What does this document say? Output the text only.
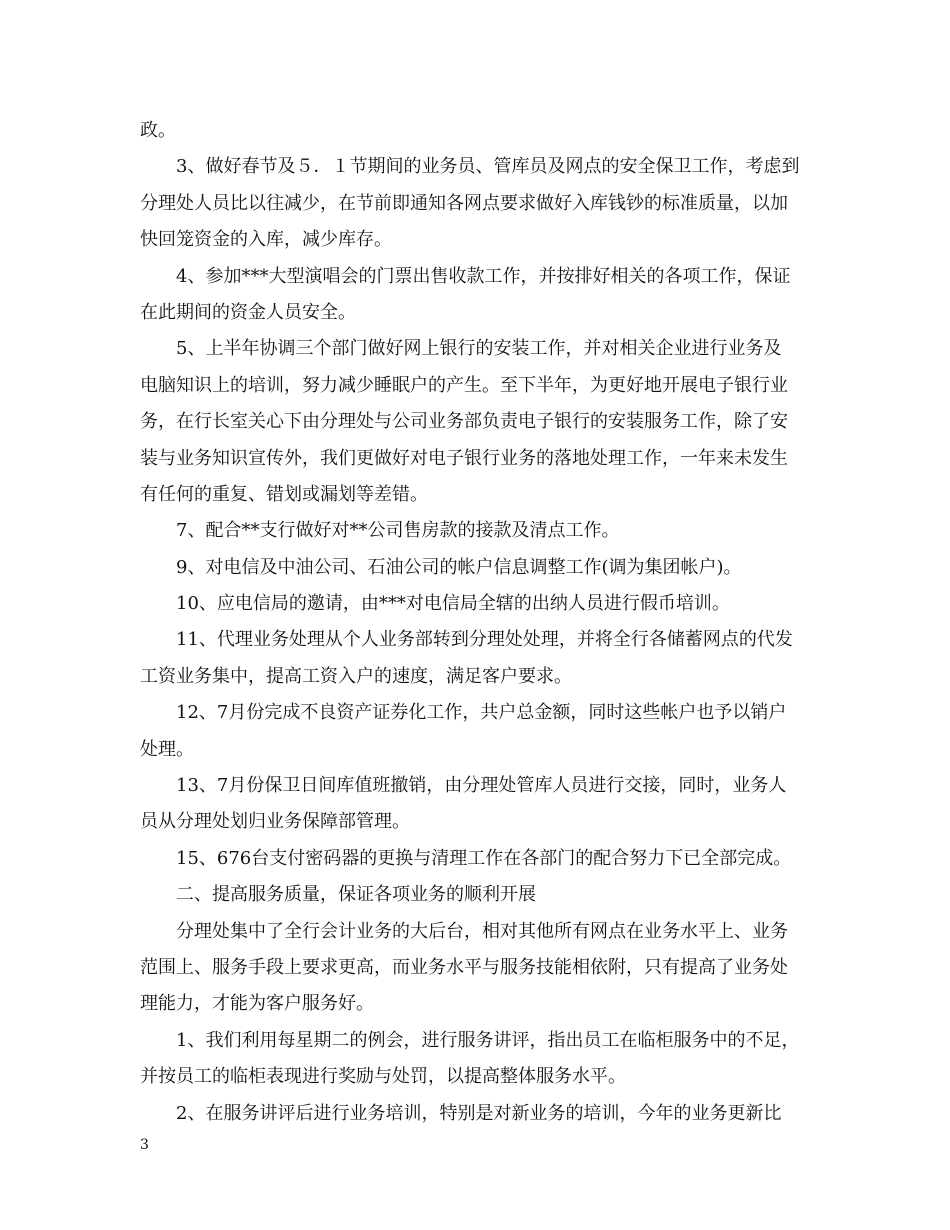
政。
3、做好春节及５．１节期间的业务员、管库员及网点的安全保卫工作，考虑到
分理处人员比以往减少，在节前即通知各网点要求做好入库钱钞的标准质量，以加
快回笼资金的入库，减少库存。
4、参加***大型演唱会的门票出售收款工作，并按排好相关的各项工作，保证
在此期间的资金人员安全。
5、上半年协调三个部门做好网上银行的安装工作，并对相关企业进行业务及
电脑知识上的培训，努力减少睡眠户的产生。至下半年，为更好地开展电子银行业
务，在行长室关心下由分理处与公司业务部负责电子银行的安装服务工作，除了安
装与业务知识宣传外，我们更做好对电子银行业务的落地处理工作，一年来未发生
有任何的重复、错划或漏划等差错。
7、配合**支行做好对**公司售房款的接款及清点工作。
9、对电信及中油公司、石油公司的帐户信息调整工作(调为集团帐户)。
10、应电信局的邀请，由***对电信局全辖的出纳人员进行假币培训。
11、代理业务处理从个人业务部转到分理处处理，并将全行各储蓄网点的代发
工资业务集中，提高工资入户的速度，满足客户要求。
12、7月份完成不良资产证券化工作，共户总金额，同时这些帐户也予以销户
处理。
13、7月份保卫日间库值班撤销，由分理处管库人员进行交接，同时，业务人
员从分理处划归业务保障部管理。
15、676台支付密码器的更换与清理工作在各部门的配合努力下已全部完成。
二、提高服务质量，保证各项业务的顺利开展
分理处集中了全行会计业务的大后台，相对其他所有网点在业务水平上、业务
范围上、服务手段上要求更高，而业务水平与服务技能相依附，只有提高了业务处
理能力，才能为客户服务好。
1、我们利用每星期二的例会，进行服务讲评，指出员工在临柜服务中的不足，
并按员工的临柜表现进行奖励与处罚，以提高整体服务水平。
2、在服务讲评后进行业务培训，特别是对新业务的培训，今年的业务更新比
3
